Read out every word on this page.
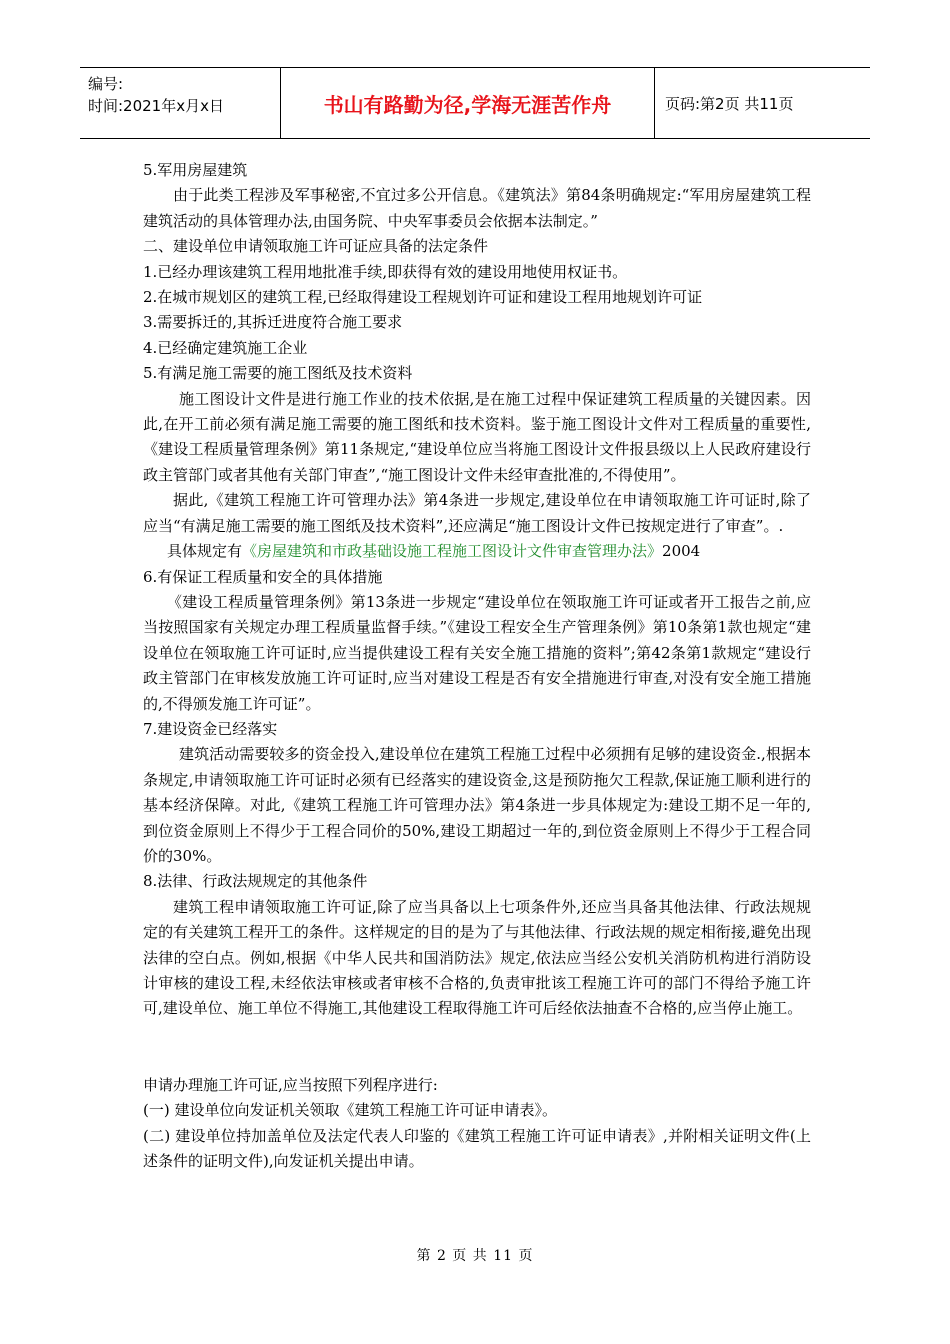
编号:
时间:2021年x月x日	书山有路勤为径,学海无涯苦作舟	页码:第2页 共11页

5.军用房屋建筑

由于此类工程涉及军事秘密,不宜过多公开信息。《建筑法》第84条明确规定:“军用房屋建筑工程建筑活动的具体管理办法,由国务院、中央军事委员会依据本法制定。”

二、建设单位申请领取施工许可证应具备的法定条件

1.已经办理该建筑工程用地批准手续,即获得有效的建设用地使用权证书。

2.在城市规划区的建筑工程,已经取得建设工程规划许可证和建设工程用地规划许可证

3.需要拆迁的,其拆迁进度符合施工要求

4.已经确定建筑施工企业

5.有满足施工需要的施工图纸及技术资料

施工图设计文件是进行施工作业的技术依据,是在施工过程中保证建筑工程质量的关键因素。因此,在开工前必须有满足施工需要的施工图纸和技术资料。鉴于施工图设计文件对工程质量的重要性,《建设工程质量管理条例》第11条规定,“建设单位应当将施工图设计文件报县级以上人民政府建设行政主管部门或者其他有关部门审查”,“施工图设计文件未经审查批准的,不得使用”。

据此,《建筑工程施工许可管理办法》第4条进一步规定,建设单位在申请领取施工许可证时,除了应当“有满足施工需要的施工图纸及技术资料”,还应满足“施工图设计文件已按规定进行了审查”。.

具体规定有《房屋建筑和市政基础设施工程施工图设计文件审查管理办法》2004

6.有保证工程质量和安全的具体措施

《建设工程质量管理条例》第13条进一步规定“建设单位在领取施工许可证或者开工报告之前,应当按照国家有关规定办理工程质量监督手续。”《建设工程安全生产管理条例》第10条第1款也规定“建设单位在领取施工许可证时,应当提供建设工程有关安全施工措施的资料”;第42条第1款规定“建设行政主管部门在审核发放施工许可证时,应当对建设工程是否有安全措施进行审查,对没有安全施工措施的,不得颁发施工许可证”。

7.建设资金已经落实

建筑活动需要较多的资金投入,建设单位在建筑工程施工过程中必须拥有足够的建设资金.,根据本条规定,申请领取施工许可证时必须有已经落实的建设资金,这是预防拖欠工程款,保证施工顺利进行的基本经济保障。对此,《建筑工程施工许可管理办法》第4条进一步具体规定为:建设工期不足一年的,到位资金原则上不得少于工程合同价的50%,建设工期超过一年的,到位资金原则上不得少于工程合同价的30%。

8.法律、行政法规规定的其他条件

建筑工程申请领取施工许可证,除了应当具备以上七项条件外,还应当具备其他法律、行政法规规定的有关建筑工程开工的条件。这样规定的目的是为了与其他法律、行政法规的规定相衔接,避免出现法律的空白点。例如,根据《中华人民共和国消防法》规定,依法应当经公安机关消防机构进行消防设计审核的建设工程,未经依法审核或者审核不合格的,负责审批该工程施工许可的部门不得给予施工许可,建设单位、施工单位不得施工,其他建设工程取得施工许可后经依法抽查不合格的,应当停止施工。

申请办理施工许可证,应当按照下列程序进行:

(一) 建设单位向发证机关领取《建筑工程施工许可证申请表》。

(二) 建设单位持加盖单位及法定代表人印鉴的《建筑工程施工许可证申请表》,并附相关证明文件(上述条件的证明文件),向发证机关提出申请。

第 2 页 共 11 页
